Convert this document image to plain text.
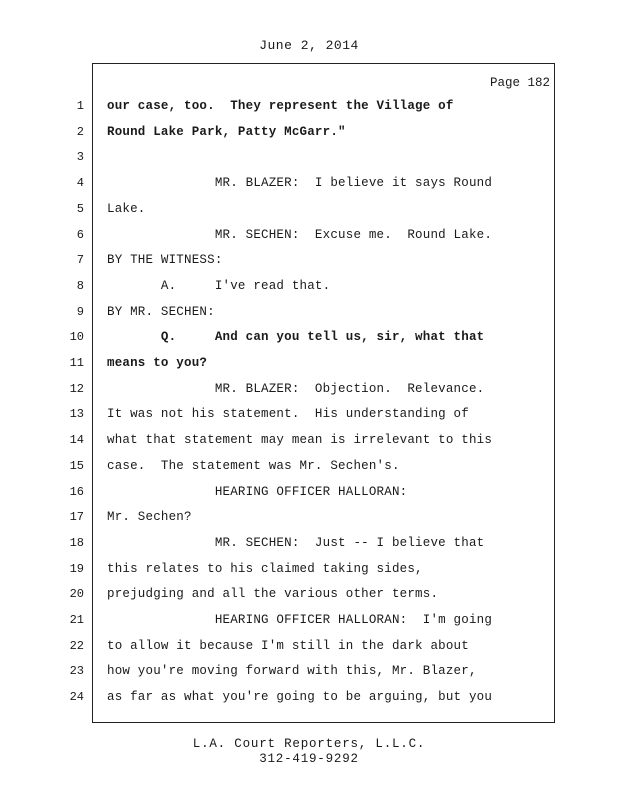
June 2, 2014
Page 182
1 our case, too.  They represent the Village of
2 Round Lake Park, Patty McGarr."
3
4 MR. BLAZER:  I believe it says Round
5 Lake.
6 MR. SECHEN:  Excuse me.  Round Lake.
7 BY THE WITNESS:
8 A.     I've read that.
9 BY MR. SECHEN:
10 Q.     And can you tell us, sir, what that
11 means to you?
12 MR. BLAZER:  Objection.  Relevance.
13 It was not his statement.  His understanding of
14 what that statement may mean is irrelevant to this
15 case.  The statement was Mr. Sechen's.
16 HEARING OFFICER HALLORAN:
17 Mr. Sechen?
18 MR. SECHEN:  Just -- I believe that
19 this relates to his claimed taking sides,
20 prejudging and all the various other terms.
21 HEARING OFFICER HALLORAN:  I'm going
22 to allow it because I'm still in the dark about
23 how you're moving forward with this, Mr. Blazer,
24 as far as what you're going to be arguing, but you
L.A. Court Reporters, L.L.C.
312-419-9292
